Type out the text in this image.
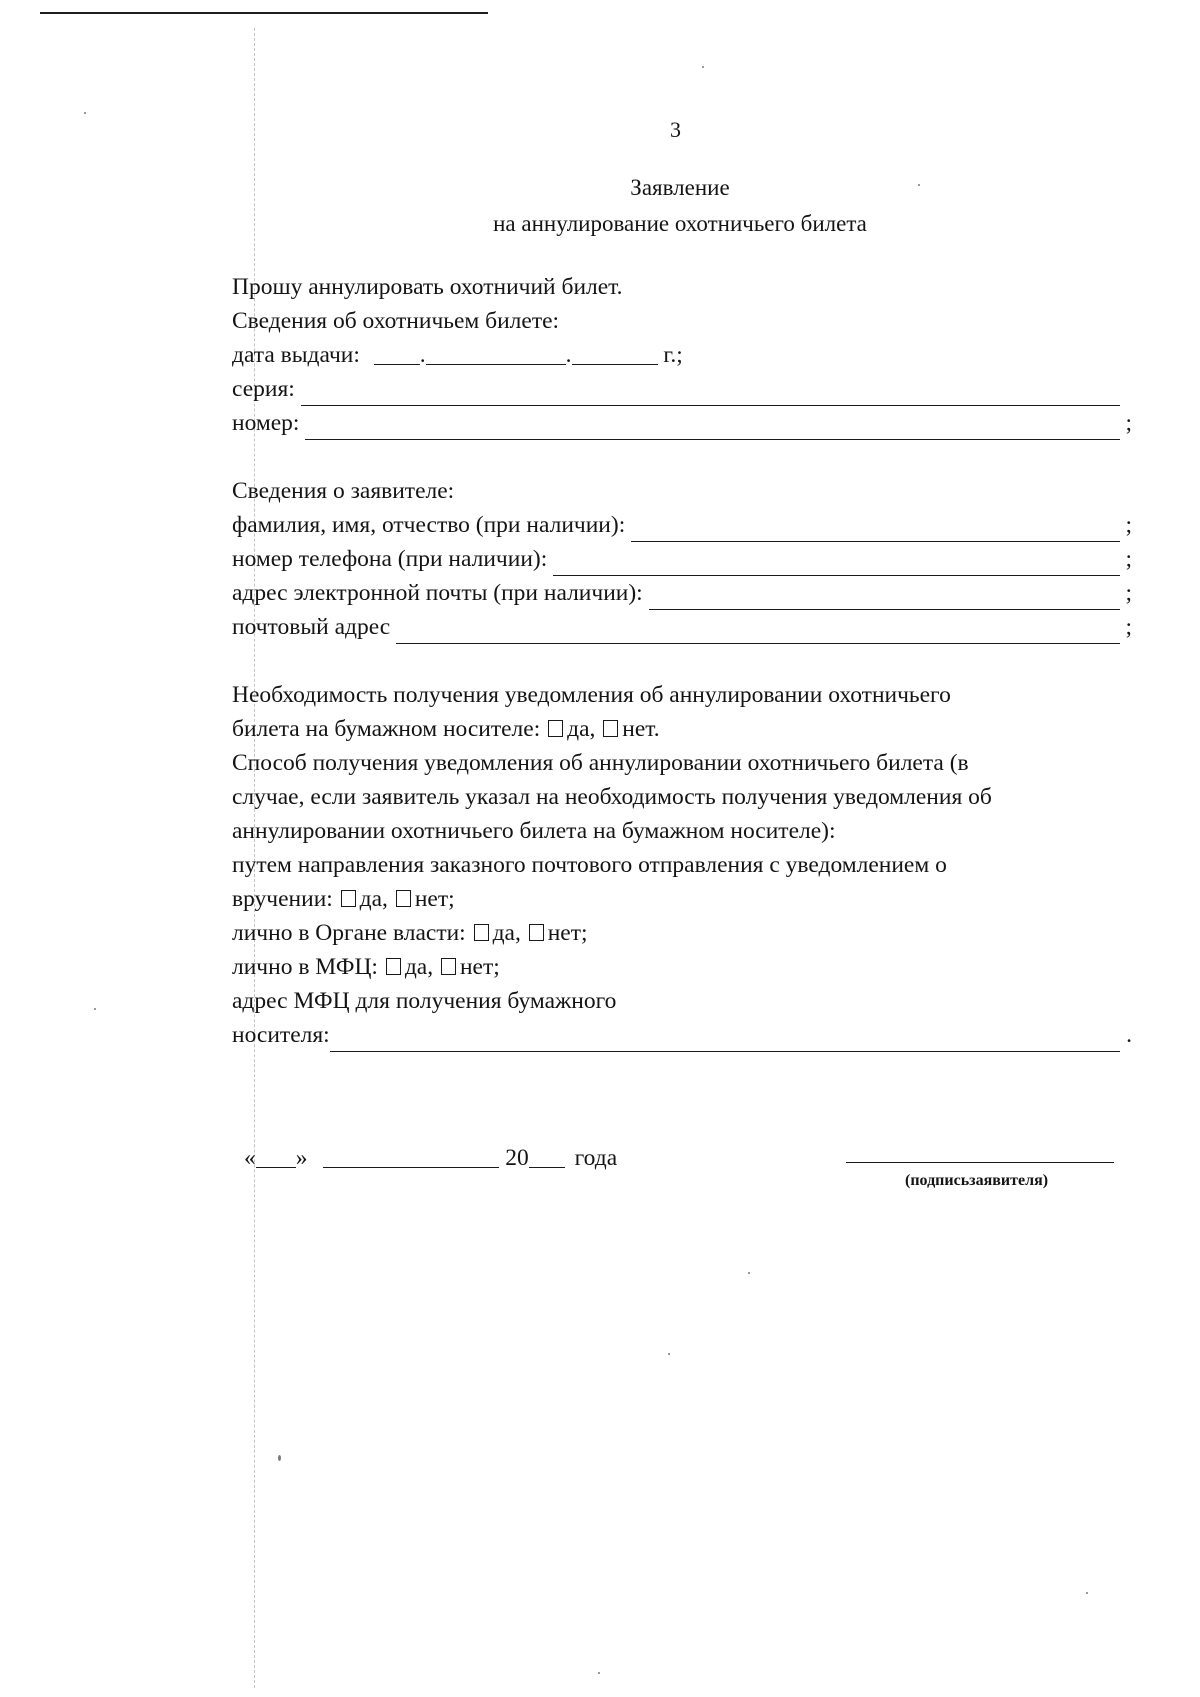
3
Заявление
на аннулирование охотничьего билета
Прошу аннулировать охотничий билет.
Сведения об охотничьем билете:
дата выдачи:	.	.	г.;
серия:
номер:	;
Сведения о заявителе:
фамилия, имя, отчество (при наличии):	;
номер телефона (при наличии):	;
адрес электронной почты (при наличии):	;
почтовый адрес	;
Необходимость получения уведомления об аннулировании охотничьего
билета на бумажном носителе: да, нет.
Способ получения уведомления об аннулировании охотничьего билета (в
случае, если заявитель указал на необходимость получения уведомления об
аннулировании охотничьего билета на бумажном носителе):
путем направления заказного почтового отправления с уведомлением о
вручении: да, нет;
лично в Органе власти: да, нет;
лично в МФЦ: да, нет;
адрес МФЦ для получения бумажного
носителя:	.
« »	20 года
(подписьзаявителя)
